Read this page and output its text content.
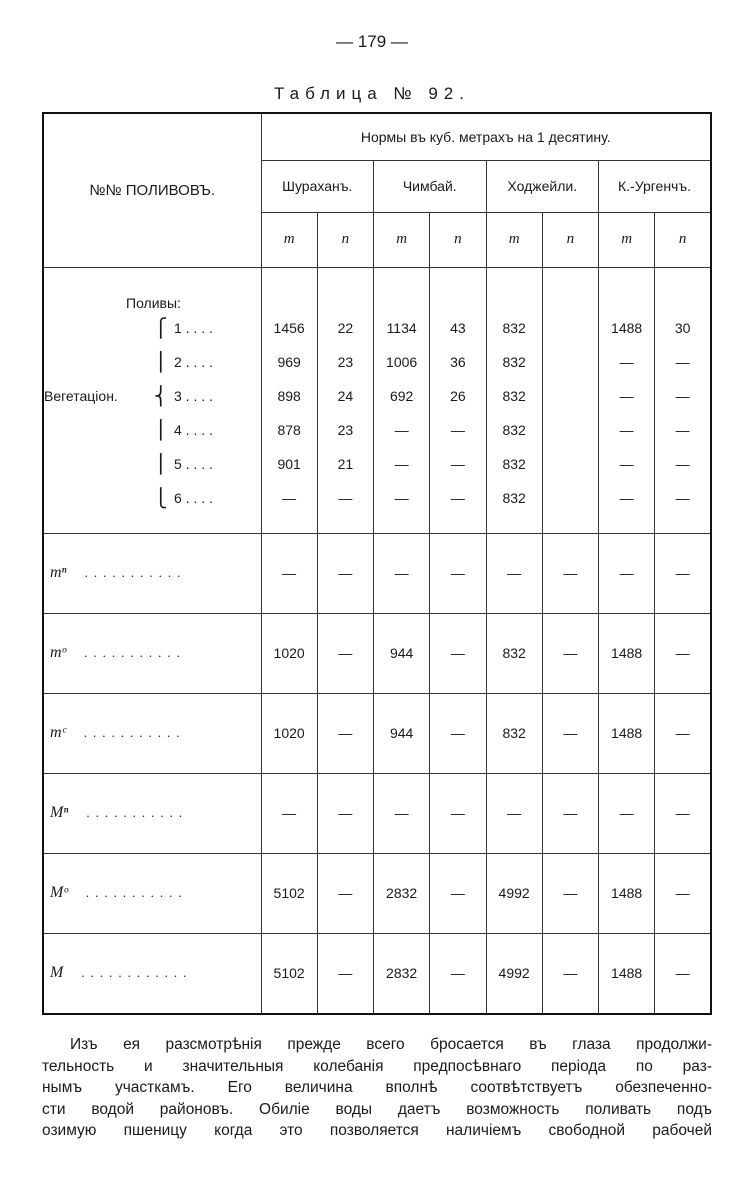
— 179 —
Таблица № 92.
№№ ПОЛИВОВЪ.	Нормы въ куб. метрахъ на 1 десятину.							
	Шураханъ.		Чимбай.		Ходжейли.		К.-Ургенчъ.	
	m	n	m	n	m	n	m	n
Поливы:								

⎧ 1 . . . .	1456	22	1134	43	832		1488	30

⎪ 2 . . . .	969	23	1006	36	832		—	—

Вегетаціон. ⎨ 3 . . . .	898	24	692	26	832		—	—

⎪ 4 . . . .	878	23	—	—	832		—	—

⎪ 5 . . . .	901	21	—	—	832		—	—

⎩ 6 . . . .	—	—	—	—	832		—	—

mⁿ ...........	—	—	—	—	—	—	—	—
mᵒ ...........	1020	—	944	—	832	—	1488	—
mᶜ ...........	1020	—	944	—	832	—	1488	—
Mⁿ ...........	—	—	—	—	—	—	—	—
Mᵒ ...........	5102	—	2832	—	4992	—	1488	—
M ............	5102	—	2832	—	4992	—	1488	—
Изъ ея разсмотрѣнія прежде всего бросается въ глаза продолжи-
тельность и значительныя колебанія предпосѣвнаго періода по раз-
нымъ участкамъ. Его величина вполнѣ соотвѣтствуетъ обезпеченно-
сти водой районовъ. Обиліе воды даетъ возможность поливать подъ
озимую пшеницу когда это позволяется наличіемъ свободной рабочей
